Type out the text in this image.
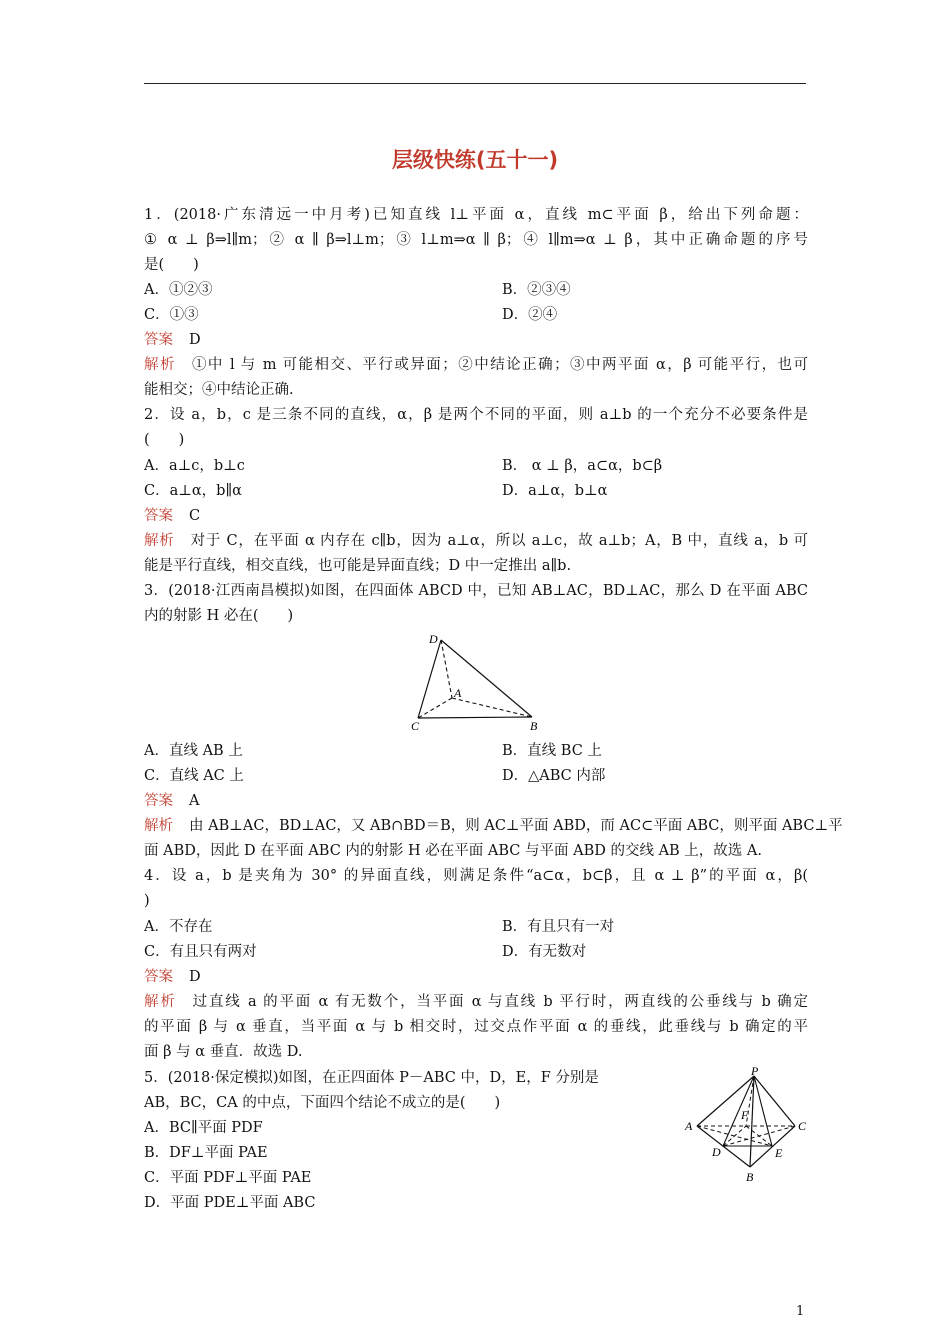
层级快练(五十一)
1．(2018·广东清远一中月考)已知直线 l⊥平面 α，直线 m⊂平面 β，给出下列命题：
① α ⊥ β⇒l∥m；② α ∥ β⇒l⊥m；③ l⊥m⇒α ∥ β；④ l∥m⇒α ⊥ β，其中正确命题的序号
是(　　)
A．①②③	B．②③④
C．①③	D．②④
答案 D
解析 ①中 l 与 m 可能相交、平行或异面；②中结论正确；③中两平面 α，β 可能平行，也可
能相交；④中结论正确.
2．设 a，b，c 是三条不同的直线，α，β 是两个不同的平面，则 a⊥b 的一个充分不必要条件是
(　　)
A．a⊥c，b⊥c	B． α ⊥ β，a⊂α，b⊂β
C．a⊥α，b∥α	D．a⊥α，b⊥α
答案 C
解析 对于 C，在平面 α 内存在 c∥b，因为 a⊥α，所以 a⊥c，故 a⊥b；A，B 中，直线 a，b 可
能是平行直线，相交直线，也可能是异面直线；D 中一定推出 a∥b.
3．(2018·江西南昌模拟)如图，在四面体 ABCD 中，已知 AB⊥AC，BD⊥AC，那么 D 在平面 ABC
内的射影 H 必在(　　)
D
A
C	B
A．直线 AB 上	B．直线 BC 上
C．直线 AC 上	D．△ABC 内部
答案 A
解析 由 AB⊥AC，BD⊥AC，又 AB∩BD＝B，则 AC⊥平面 ABD，而 AC⊂平面 ABC，则平面 ABC⊥平
面 ABD，因此 D 在平面 ABC 内的射影 H 必在平面 ABC 与平面 ABD 的交线 AB 上，故选 A.
4．设 a，b 是夹角为 30° 的异面直线，则满足条件“a⊂α，b⊂β，且 α ⊥ β”的平面 α，β(
)
A．不存在	B．有且只有一对
C．有且只有两对	D．有无数对
答案 D
解析 过直线 a 的平面 α 有无数个，当平面 α 与直线 b 平行时，两直线的公垂线与 b 确定
的平面 β 与 α 垂直，当平面 α 与 b 相交时，过交点作平面 α 的垂线，此垂线与 b 确定的平
面 β 与 α 垂直．故选 D.
5．(2018·保定模拟)如图，在正四面体 P－ABC 中，D，E，F 分别是
AB，BC，CA 的中点，下面四个结论不成立的是(　　)
A．BC∥平面 PDF
B．DF⊥平面 PAE
C．平面 PDF⊥平面 PAE
D．平面 PDE⊥平面 ABC
P
A	C
F
D	E
B
1
